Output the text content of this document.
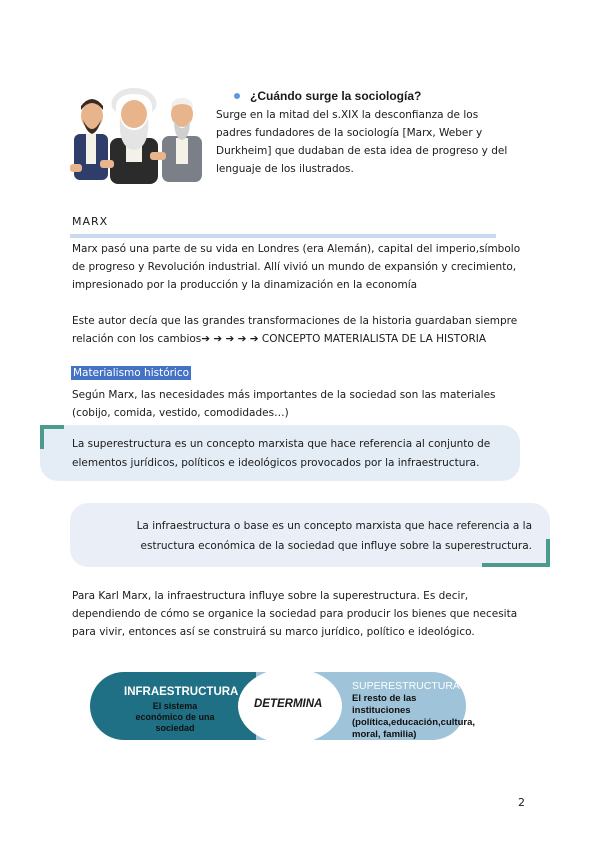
¿Cuándo surge la sociología?
Surge en la mitad del s.XIX la desconfianza de los padres fundadores de la sociología [Marx, Weber y Durkheim] que dudaban de esta idea de progreso y del lenguaje de los ilustrados.
MARX
Marx pasó una parte de su vida en Londres (era Alemán), capital del imperio,símbolo de progreso y Revolución industrial. Allí vivió un mundo de expansión y crecimiento, impresionado por la producción y la dinamización en la economía
Este autor decía que las grandes transformaciones de la historia guardaban siempre relación con los cambios➔ ➔ ➔ ➔ ➔ CONCEPTO MATERIALISTA DE LA HISTORIA
Materialismo histórico
Según Marx, las necesidades más importantes de la sociedad son las materiales (cobijo, comida, vestido, comodidades…)
La superestructura es un concepto marxista que hace referencia al conjunto de elementos jurídicos, políticos e ideológicos provocados por la infraestructura.
La infraestructura o base es un concepto marxista que hace referencia a la estructura económica de la sociedad que influye sobre la superestructura.
Para Karl Marx, la infraestructura influye sobre la superestructura. Es decir, dependiendo de cómo se organice la sociedad para producir los bienes que necesita para vivir, entonces así se construirá su marco jurídico, político e ideológico.
INFRAESTRUCTURA
El sistema económico de una sociedad
DETERMINA
SUPERESTRUCTURA
El resto de las instituciones (política,educación,cultura, moral, familia)
2
